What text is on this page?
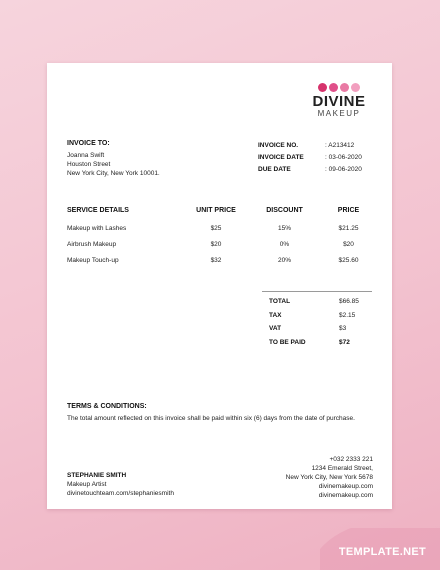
DIVINE
MAKEUP
INVOICE TO:
Joanna Swift
Houston Street
New York City, New York 10001.
INVOICE NO.	: A213412
INVOICE DATE	: 03-06-2020
DUE DATE	: 09-06-2020
SERVICE DETAILS	UNIT PRICE	DISCOUNT	PRICE
Makeup with Lashes	$25	15%	$21.25
Airbrush Makeup	$20	0%	$20
Makeup Touch-up	$32	20%	$25.60
TOTAL	$66.85
TAX	$2.15
VAT	$3
TO BE PAID	$72
TERMS & CONDITIONS:
The total amount reflected on this invoice shall be paid within six (6) days from the date of purchase.
STEPHANIE SMITH
Makeup Artist
divinetouchteam.com/stephaniesmith
+032 2333 221
1234 Emerald Street,
New York City, New York 5678
divinemakeup.com
divinemakeup.com
TEMPLATE.NET
